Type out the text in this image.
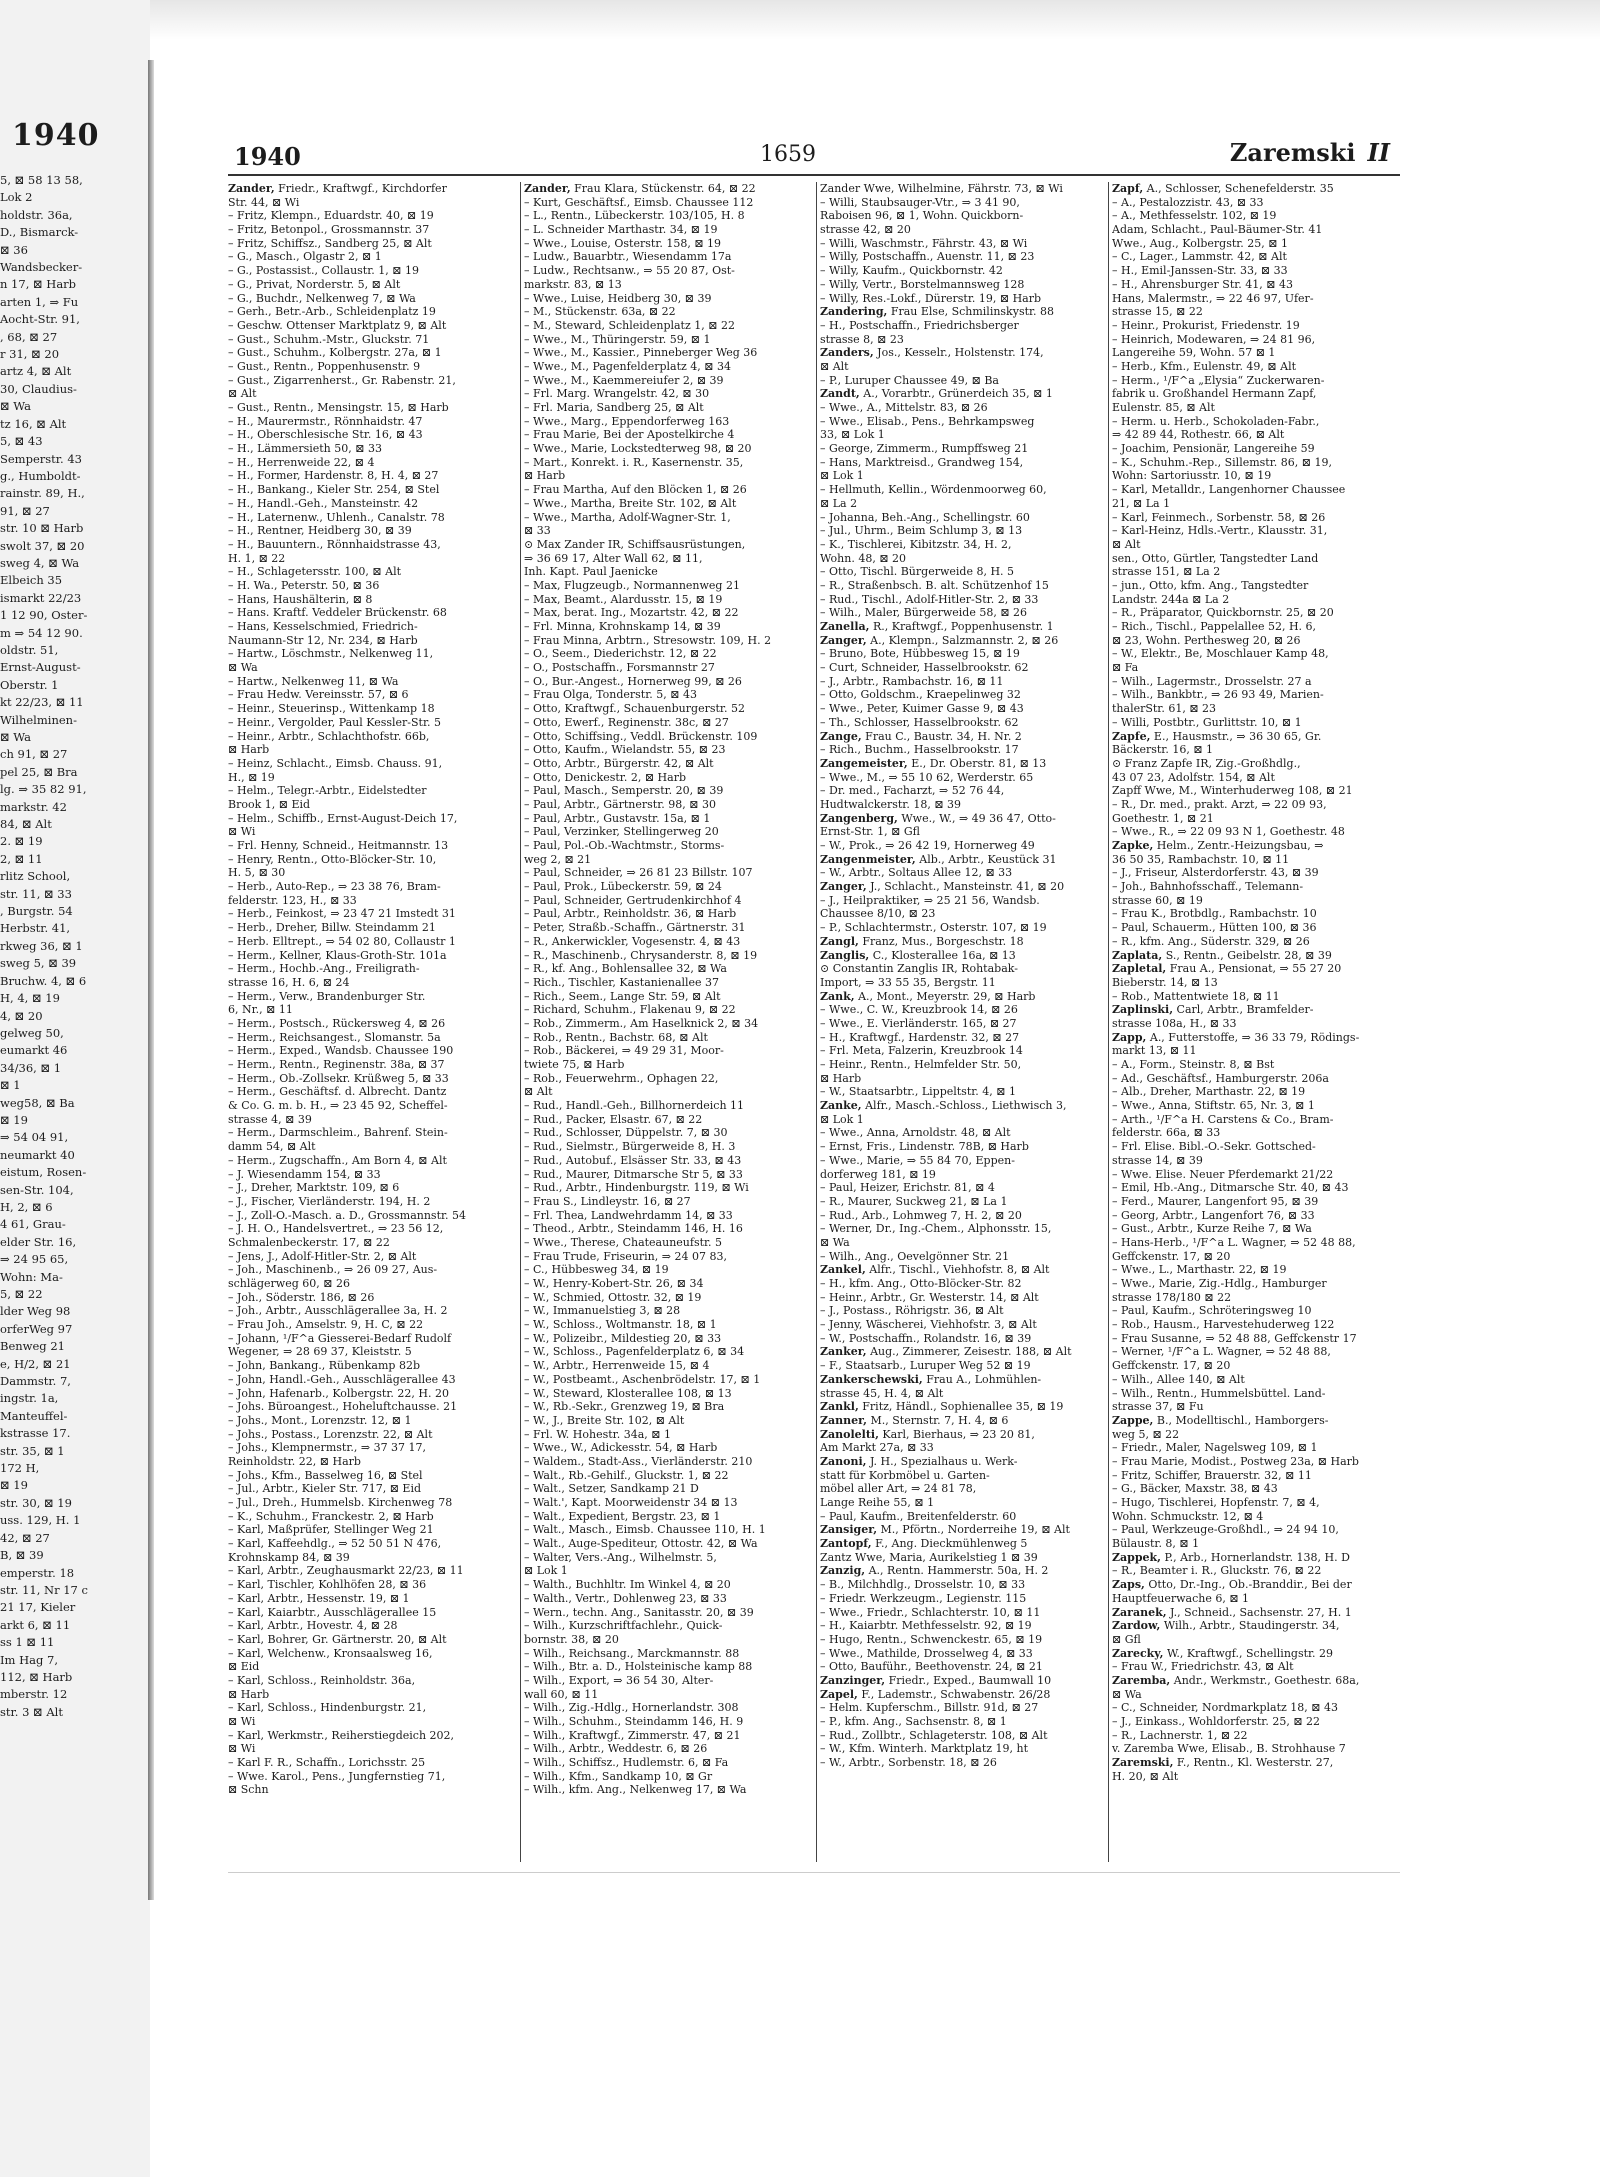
1940
5, ⊠ 58 13 58,
Lok 2
holdstr. 36a,
D., Bismarck-
⊠ 36
Wandsbecker-
n 17, ⊠ Harb
arten 1, ⇒ Fu
Aocht-Str. 91,
, 68, ⊠ 27
r 31, ⊠ 20
artz 4, ⊠ Alt
30, Claudius-
⊠ Wa
tz 16, ⊠ Alt
5, ⊠ 43
Semperstr. 43
g., Humboldt-
rainstr. 89, H.,
91, ⊠ 27
str. 10 ⊠ Harb
swolt 37, ⊠ 20
sweg 4, ⊠ Wa
Elbeich 35
ismarkt 22/23
1 12 90, Oster-
m ⇒ 54 12 90.
oldstr. 51,
Ernst-August-
Oberstr. 1
kt 22/23, ⊠ 11
Wilhelminen-
⊠ Wa
ch 91, ⊠ 27
pel 25, ⊠ Bra
lg. ⇒ 35 82 91,
markstr. 42
84, ⊠ Alt
2. ⊠ 19
2, ⊠ 11
rlitz School,
str. 11, ⊠ 33
, Burgstr. 54
Herbstr. 41,
rkweg 36, ⊠ 1
sweg 5, ⊠ 39
Bruchw. 4, ⊠ 6
H, 4, ⊠ 19
4, ⊠ 20
gelweg 50,
eumarkt 46
34/36, ⊠ 1
⊠ 1
weg58, ⊠ Ba
⊠ 19
⇒ 54 04 91,
neumarkt 40
eistum, Rosen-
sen-Str. 104,
H, 2, ⊠ 6
4 61, Grau-
elder Str. 16,
⇒ 24 95 65,
Wohn: Ma-
5, ⊠ 22
lder Weg 98
orferWeg 97
Benweg 21
e, H/2, ⊠ 21
Dammstr. 7,
ingstr. 1a,
Manteuffel-
kstrasse 17.
str. 35, ⊠ 1
172 H,
⊠ 19
str. 30, ⊠ 19
uss. 129, H. 1
42, ⊠ 27
B, ⊠ 39
emperstr. 18
str. 11, Nr 17 c
21 17, Kieler
arkt 6, ⊠ 11
ss 1 ⊠ 11
Im Hag 7,
112, ⊠ Harb
mberstr. 12
str. 3 ⊠ Alt
1940	1659	Zaremski II
Zander, Friedr., Kraftwgf., Kirchdorfer
Str. 44, ⊠ Wi
– Fritz, Klempn., Eduardstr. 40, ⊠ 19
– Fritz, Betonpol., Grossmannstr. 37
– Fritz, Schiffsz., Sandberg 25, ⊠ Alt
– G., Masch., Olgastr 2, ⊠ 1
– G., Postassist., Collaustr. 1, ⊠ 19
– G., Privat, Norderstr. 5, ⊠ Alt
– G., Buchdr., Nelkenweg 7, ⊠ Wa
– Gerh., Betr.-Arb., Schleidenplatz 19
– Geschw. Ottenser Marktplatz 9, ⊠ Alt
– Gust., Schuhm.-Mstr., Gluckstr. 71
– Gust., Schuhm., Kolbergstr. 27a, ⊠ 1
– Gust., Rentn., Poppenhusenstr. 9
– Gust., Zigarrenherst., Gr. Rabenstr. 21,
⊠ Alt
– Gust., Rentn., Mensingstr. 15, ⊠ Harb
– H., Maurermstr., Rönnhaidstr. 47
– H., Oberschlesische Str. 16, ⊠ 43
– H., Lämmersieth 50, ⊠ 33
– H., Herrenweide 22, ⊠ 4
– H., Former, Hardenstr. 8, H. 4, ⊠ 27
– H., Bankang., Kieler Str. 254, ⊠ Stel
– H., Handl.-Geh., Mansteinstr. 42
– H., Laternenw., Uhlenh., Canalstr. 78
– H., Rentner, Heidberg 30, ⊠ 39
– H., Bauuntern., Rönnhaidstrasse 43,
H. 1, ⊠ 22
– H., Schlagetersstr. 100, ⊠ Alt
– H. Wa., Peterstr. 50, ⊠ 36
– Hans, Haushälterin, ⊠ 8
– Hans. Kraftf. Veddeler Brückenstr. 68
– Hans, Kesselschmied, Friedrich-
Naumann-Str 12, Nr. 234, ⊠ Harb
– Hartw., Löschmstr., Nelkenweg 11,
⊠ Wa
– Hartw., Nelkenweg 11, ⊠ Wa
– Frau Hedw. Vereinsstr. 57, ⊠ 6
– Heinr., Steuerinsp., Wittenkamp 18
– Heinr., Vergolder, Paul Kessler-Str. 5
– Heinr., Arbtr., Schlachthofstr. 66b,
⊠ Harb
– Heinz, Schlacht., Eimsb. Chauss. 91,
H., ⊠ 19
– Helm., Telegr.-Arbtr., Eidelstedter
Brook 1, ⊠ Eid
– Helm., Schiffb., Ernst-August-Deich 17,
⊠ Wi
– Frl. Henny, Schneid., Heitmannstr. 13
– Henry, Rentn., Otto-Blöcker-Str. 10,
H. 5, ⊠ 30
– Herb., Auto-Rep., ⇒ 23 38 76, Bram-
felderstr. 123, H., ⊠ 33
– Herb., Feinkost, ⇒ 23 47 21 Imstedt 31
– Herb., Dreher, Billw. Steindamm 21
– Herb. Elltrept., ⇒ 54 02 80, Collaustr 1
– Herm., Kellner, Klaus-Groth-Str. 101a
– Herm., Hochb.-Ang., Freiligrath-
strasse 16, H. 6, ⊠ 24
– Herm., Verw., Brandenburger Str.
6, Nr., ⊠ 11
– Herm., Postsch., Rückersweg 4, ⊠ 26
– Herm., Reichsangest., Slomanstr. 5a
– Herm., Exped., Wandsb. Chaussee 190
– Herm., Rentn., Reginenstr. 38a, ⊠ 37
– Herm., Ob.-Zollsekr. Krüßweg 5, ⊠ 33
– Herm., Geschäftsf. d. Albrecht. Dantz
& Co. G. m. b. H., ⇒ 23 45 92, Scheffel-
strasse 4, ⊠ 39
– Herm., Darmschleim., Bahrenf. Stein-
damm 54, ⊠ Alt
– Herm., Zugschaffn., Am Born 4, ⊠ Alt
– J. Wiesendamm 154, ⊠ 33
– J., Dreher, Marktstr. 109, ⊠ 6
– J., Fischer, Vierländerstr. 194, H. 2
– J., Zoll-O.-Masch. a. D., Grossmannstr. 54
– J. H. O., Handelsvertret., ⇒ 23 56 12,
Schmalenbeckerstr. 17, ⊠ 22
– Jens, J., Adolf-Hitler-Str. 2, ⊠ Alt
– Joh., Maschinenb., ⇒ 26 09 27, Aus-
schlägerweg 60, ⊠ 26
– Joh., Söderstr. 186, ⊠ 26
– Joh., Arbtr., Ausschlägerallee 3a, H. 2
– Frau Joh., Amselstr. 9, H. C, ⊠ 22
– Johann, ¹/F^a Giesserei-Bedarf Rudolf
Wegener, ⇒ 28 69 37, Kleiststr. 5
– John, Bankang., Rübenkamp 82b
– John, Handl.-Geh., Ausschlägerallee 43
– John, Hafenarb., Kolbergstr. 22, H. 20
– Johs. Büroangest., Hoheluftchausse. 21
– Johs., Mont., Lorenzstr. 12, ⊠ 1
– Johs., Postass., Lorenzstr. 22, ⊠ Alt
– Johs., Klempnermstr., ⇒ 37 37 17,
Reinholdstr. 22, ⊠ Harb
– Johs., Kfm., Basselweg 16, ⊠ Stel
– Jul., Arbtr., Kieler Str. 717, ⊠ Eid
– Jul., Dreh., Hummelsb. Kirchenweg 78
– K., Schuhm., Franckestr. 2, ⊠ Harb
– Karl, Maßprüfer, Stellinger Weg 21
– Karl, Kaffeehdlg., ⇒ 52 50 51 N 476,
Krohnskamp 84, ⊠ 39
– Karl, Arbtr., Zeughausmarkt 22/23, ⊠ 11
– Karl, Tischler, Kohlhöfen 28, ⊠ 36
– Karl, Arbtr., Hessenstr. 19, ⊠ 1
– Karl, Kaiarbtr., Ausschlägerallee 15
– Karl, Arbtr., Hovestr. 4, ⊠ 28
– Karl, Bohrer, Gr. Gärtnerstr. 20, ⊠ Alt
– Karl, Welchenw., Kronsaalsweg 16,
⊠ Eid
– Karl, Schloss., Reinholdstr. 36a,
⊠ Harb
– Karl, Schloss., Hindenburgstr. 21,
⊠ Wi
– Karl, Werkmstr., Reiherstiegdeich 202,
⊠ Wi
– Karl F. R., Schaffn., Lorichsstr. 25
– Wwe. Karol., Pens., Jungfernstieg 71,
⊠ Schn
Zander, Frau Klara, Stückenstr. 64, ⊠ 22
– Kurt, Geschäftsf., Eimsb. Chaussee 112
– L., Rentn., Lübeckerstr. 103/105, H. 8
– L. Schneider Marthastr. 34, ⊠ 19
– Wwe., Louise, Osterstr. 158, ⊠ 19
– Ludw., Bauarbtr., Wiesendamm 17a
– Ludw., Rechtsanw., ⇒ 55 20 87, Ost-
markstr. 83, ⊠ 13
– Wwe., Luise, Heidberg 30, ⊠ 39
– M., Stückenstr. 63a, ⊠ 22
– M., Steward, Schleidenplatz 1, ⊠ 22
– Wwe., M., Thüringerstr. 59, ⊠ 1
– Wwe., M., Kassier., Pinneberger Weg 36
– Wwe., M., Pagenfelderplatz 4, ⊠ 34
– Wwe., M., Kaemmereiufer 2, ⊠ 39
– Frl. Marg. Wrangelstr. 42, ⊠ 30
– Frl. Maria, Sandberg 25, ⊠ Alt
– Wwe., Marg., Eppendorferweg 163
– Frau Marie, Bei der Apostelkirche 4
– Wwe., Marie, Lockstedterweg 98, ⊠ 20
– Mart., Konrekt. i. R., Kasernenstr. 35,
⊠ Harb
– Frau Martha, Auf den Blöcken 1, ⊠ 26
– Wwe., Martha, Breite Str. 102, ⊠ Alt
– Wwe., Martha, Adolf-Wagner-Str. 1,
⊠ 33
⊙ Max Zander IR, Schiffsausrüstungen,
⇒ 36 69 17, Alter Wall 62, ⊠ 11,
Inh. Kapt. Paul Jaenicke
– Max, Flugzeugb., Normannenweg 21
– Max, Beamt., Alardusstr. 15, ⊠ 19
– Max, berat. Ing., Mozartstr. 42, ⊠ 22
– Frl. Minna, Krohnskamp 14, ⊠ 39
– Frau Minna, Arbtrn., Stresowstr. 109, H. 2
– O., Seem., Diederichstr. 12, ⊠ 22
– O., Postschaffn., Forsmannstr 27
– O., Bur.-Angest., Hornerweg 99, ⊠ 26
– Frau Olga, Tonderstr. 5, ⊠ 43
– Otto, Kraftwgf., Schauenburgerstr. 52
– Otto, Ewerf., Reginenstr. 38c, ⊠ 27
– Otto, Schiffsing., Veddl. Brückenstr. 109
– Otto, Kaufm., Wielandstr. 55, ⊠ 23
– Otto, Arbtr., Bürgerstr. 42, ⊠ Alt
– Otto, Denickestr. 2, ⊠ Harb
– Paul, Masch., Semperstr. 20, ⊠ 39
– Paul, Arbtr., Gärtnerstr. 98, ⊠ 30
– Paul, Arbtr., Gustavstr. 15a, ⊠ 1
– Paul, Verzinker, Stellingerweg 20
– Paul, Pol.-Ob.-Wachtmstr., Storms-
weg 2, ⊠ 21
– Paul, Schneider, ⇒ 26 81 23 Billstr. 107
– Paul, Prok., Lübeckerstr. 59, ⊠ 24
– Paul, Schneider, Gertrudenkirchhof 4
– Paul, Arbtr., Reinholdstr. 36, ⊠ Harb
– Peter, Straßb.-Schaffn., Gärtnerstr. 31
– R., Ankerwickler, Vogesenstr. 4, ⊠ 43
– R., Maschinenb., Chrysanderstr. 8, ⊠ 19
– R., kf. Ang., Bohlensallee 32, ⊠ Wa
– Rich., Tischler, Kastanienallee 37
– Rich., Seem., Lange Str. 59, ⊠ Alt
– Richard, Schuhm., Flakenau 9, ⊠ 22
– Rob., Zimmerm., Am Haselknick 2, ⊠ 34
– Rob., Rentn., Bachstr. 68, ⊠ Alt
– Rob., Bäckerei, ⇒ 49 29 31, Moor-
twiete 75, ⊠ Harb
– Rob., Feuerwehrm., Ophagen 22,
⊠ Alt
– Rud., Handl.-Geh., Billhornerdeich 11
– Rud., Packer, Elsastr. 67, ⊠ 22
– Rud., Schlosser, Düppelstr. 7, ⊠ 30
– Rud., Sielmstr., Bürgerweide 8, H. 3
– Rud., Autobuf., Elsässer Str. 33, ⊠ 43
– Rud., Maurer, Ditmarsche Str 5, ⊠ 33
– Rud., Arbtr., Hindenburgstr. 119, ⊠ Wi
– Frau S., Lindleystr. 16, ⊠ 27
– Frl. Thea, Landwehrdamm 14, ⊠ 33
– Theod., Arbtr., Steindamm 146, H. 16
– Wwe., Therese, Chateauneufstr. 5
– Frau Trude, Friseurin, ⇒ 24 07 83,
– C., Hübbesweg 34, ⊠ 19
– W., Henry-Kobert-Str. 26, ⊠ 34
– W., Schmied, Ottostr. 32, ⊠ 19
– W., Immanuelstieg 3, ⊠ 28
– W., Schloss., Woltmanstr. 18, ⊠ 1
– W., Polizeibr., Mildestieg 20, ⊠ 33
– W., Schloss., Pagenfelderplatz 6, ⊠ 34
– W., Arbtr., Herrenweide 15, ⊠ 4
– W., Postbeamt., Aschenbrödelstr. 17, ⊠ 1
– W., Steward, Klosterallee 108, ⊠ 13
– W., Rb.-Sekr., Grenzweg 19, ⊠ Bra
– W., J., Breite Str. 102, ⊠ Alt
– Frl. W. Hohestr. 34a, ⊠ 1
– Wwe., W., Adickesstr. 54, ⊠ Harb
– Waldem., Stadt-Ass., Vierländerstr. 210
– Walt., Rb.-Gehilf., Gluckstr. 1, ⊠ 22
– Walt., Setzer, Sandkamp 21 D
– Walt.', Kapt. Moorweidenstr 34 ⊠ 13
– Walt., Expedient, Bergstr. 23, ⊠ 1
– Walt., Masch., Eimsb. Chaussee 110, H. 1
– Walt., Auge-Spediteur, Ottostr. 42, ⊠ Wa
– Walter, Vers.-Ang., Wilhelmstr. 5,
⊠ Lok 1
– Walth., Buchhltr. Im Winkel 4, ⊠ 20
– Walth., Vertr., Dohlenweg 23, ⊠ 33
– Wern., techn. Ang., Sanitasstr. 20, ⊠ 39
– Wilh., Kurzschriftfachlehr., Quick-
bornstr. 38, ⊠ 20
– Wilh., Reichsang., Marckmannstr. 88
– Wilh., Btr. a. D., Holsteinische kamp 88
– Wilh., Export, ⇒ 36 54 30, Alter-
wall 60, ⊠ 11
– Wilh., Zig.-Hdlg., Hornerlandstr. 308
– Wilh., Schuhm., Steindamm 146, H. 9
– Wilh., Kraftwgf., Zimmerstr. 47, ⊠ 21
– Wilh., Arbtr., Weddestr. 6, ⊠ 26
– Wilh., Schiffsz., Hudlemstr. 6, ⊠ Fa
– Wilh., Kfm., Sandkamp 10, ⊠ Gr
– Wilh., kfm. Ang., Nelkenweg 17, ⊠ Wa
Zander Wwe, Wilhelmine, Fährstr. 73, ⊠ Wi
– Willi, Staubsauger-Vtr., ⇒ 3 41 90,
Raboisen 96, ⊠ 1, Wohn. Quickborn-
strasse 42, ⊠ 20
– Willi, Waschmstr., Fährstr. 43, ⊠ Wi
– Willy, Postschaffn., Auenstr. 11, ⊠ 23
– Willy, Kaufm., Quickbornstr. 42
– Willy, Vertr., Borstelmannsweg 128
– Willy, Res.-Lokf., Dürerstr. 19, ⊠ Harb
Zandering, Frau Else, Schmilinskystr. 88
– H., Postschaffn., Friedrichsberger
strasse 8, ⊠ 23
Zanders, Jos., Kesselr., Holstenstr. 174,
⊠ Alt
– P., Luruper Chaussee 49, ⊠ Ba
Zandt, A., Vorarbtr., Grünerdeich 35, ⊠ 1
– Wwe., A., Mittelstr. 83, ⊠ 26
– Wwe., Elisab., Pens., Behrkampsweg
33, ⊠ Lok 1
– George, Zimmerm., Rumpffsweg 21
– Hans, Marktreisd., Grandweg 154,
⊠ Lok 1
– Hellmuth, Kellin., Wördenmoorweg 60,
⊠ La 2
– Johanna, Beh.-Ang., Schellingstr. 60
– Jul., Uhrm., Beim Schlump 3, ⊠ 13
– K., Tischlerei, Kibitzstr. 34, H. 2,
Wohn. 48, ⊠ 20
– Otto, Tischl. Bürgerweide 8, H. 5
– R., Straßenbsch. B. alt. Schützenhof 15
– Rud., Tischl., Adolf-Hitler-Str. 2, ⊠ 33
– Wilh., Maler, Bürgerweide 58, ⊠ 26
Zanella, R., Kraftwgf., Poppenhusenstr. 1
Zanger, A., Klempn., Salzmannstr. 2, ⊠ 26
– Bruno, Bote, Hübbesweg 15, ⊠ 19
– Curt, Schneider, Hasselbrookstr. 62
– J., Arbtr., Rambachstr. 16, ⊠ 11
– Otto, Goldschm., Kraepelinweg 32
– Wwe., Peter, Kuimer Gasse 9, ⊠ 43
– Th., Schlosser, Hasselbrookstr. 62
Zange, Frau C., Baustr. 34, H. Nr. 2
– Rich., Buchm., Hasselbrookstr. 17
Zangemeister, E., Dr. Oberstr. 81, ⊠ 13
– Wwe., M., ⇒ 55 10 62, Werderstr. 65
– Dr. med., Facharzt, ⇒ 52 76 44,
Hudtwalckerstr. 18, ⊠ 39
Zangenberg, Wwe., W., ⇒ 49 36 47, Otto-
Ernst-Str. 1, ⊠ Gfl
– W., Prok., ⇒ 26 42 19, Hornerweg 49
Zangenmeister, Alb., Arbtr., Keustück 31
– W., Arbtr., Soltaus Allee 12, ⊠ 33
Zanger, J., Schlacht., Mansteinstr. 41, ⊠ 20
– J., Heilpraktiker, ⇒ 25 21 56, Wandsb.
Chaussee 8/10, ⊠ 23
– P., Schlachtermstr., Osterstr. 107, ⊠ 19
Zangl, Franz, Mus., Borgeschstr. 18
Zanglis, C., Klosterallee 16a, ⊠ 13
⊙ Constantin Zanglis IR, Rohtabak-
Import, ⇒ 33 55 35, Bergstr. 11
Zank, A., Mont., Meyerstr. 29, ⊠ Harb
– Wwe., C. W., Kreuzbrook 14, ⊠ 26
– Wwe., E. Vierländerstr. 165, ⊠ 27
– H., Kraftwgf., Hardenstr. 32, ⊠ 27
– Frl. Meta, Falzerin, Kreuzbrook 14
– Heinr., Rentn., Helmfelder Str. 50,
⊠ Harb
– W., Staatsarbtr., Lippeltstr. 4, ⊠ 1
Zanke, Alfr., Masch.-Schloss., Liethwisch 3,
⊠ Lok 1
– Wwe., Anna, Arnoldstr. 48, ⊠ Alt
– Ernst, Fris., Lindenstr. 78B, ⊠ Harb
– Wwe., Marie, ⇒ 55 84 70, Eppen-
dorferweg 181, ⊠ 19
– Paul, Heizer, Erichstr. 81, ⊠ 4
– R., Maurer, Suckweg 21, ⊠ La 1
– Rud., Arb., Lohmweg 7, H. 2, ⊠ 20
– Werner, Dr., Ing.-Chem., Alphonsstr. 15,
⊠ Wa
– Wilh., Ang., Oevelgönner Str. 21
Zankel, Alfr., Tischl., Viehhofstr. 8, ⊠ Alt
– H., kfm. Ang., Otto-Blöcker-Str. 82
– Heinr., Arbtr., Gr. Westerstr. 14, ⊠ Alt
– J., Postass., Röhrigstr. 36, ⊠ Alt
– Jenny, Wäscherei, Viehhofstr. 3, ⊠ Alt
– W., Postschaffn., Rolandstr. 16, ⊠ 39
Zanker, Aug., Zimmerer, Zeisestr. 188, ⊠ Alt
– F., Staatsarb., Luruper Weg 52 ⊠ 19
Zankerschewski, Frau A., Lohmühlen-
strasse 45, H. 4, ⊠ Alt
Zankl, Fritz, Händl., Sophienallee 35, ⊠ 19
Zanner, M., Sternstr. 7, H. 4, ⊠ 6
Zanolelti, Karl, Bierhaus, ⇒ 23 20 81,
Am Markt 27a, ⊠ 33
Zanoni, J. H., Spezialhaus u. Werk-
statt für Korbmöbel u. Garten-
möbel aller Art, ⇒ 24 81 78,
Lange Reihe 55, ⊠ 1
– Paul, Kaufm., Breitenfelderstr. 60
Zansiger, M., Pförtn., Norderreihe 19, ⊠ Alt
Zantopf, F., Ang. Dieckmühlenweg 5
Zantz Wwe, Maria, Aurikelstieg 1 ⊠ 39
Zanzig, A., Rentn. Hammerstr. 50a, H. 2
– B., Milchhdlg., Drosselstr. 10, ⊠ 33
– Friedr. Werkzeugm., Legienstr. 115
– Wwe., Friedr., Schlachterstr. 10, ⊠ 11
– H., Kaiarbtr. Methfesselstr. 92, ⊠ 19
– Hugo, Rentn., Schwenckestr. 65, ⊠ 19
– Wwe., Mathilde, Drosselweg 4, ⊠ 33
– Otto, Bauführ., Beethovenstr. 24, ⊠ 21
Zanzinger, Friedr., Exped., Baumwall 10
Zapel, F., Lademstr., Schwabenstr. 26/28
– Helm. Kupferschm., Billstr. 91d, ⊠ 27
– P., kfm. Ang., Sachsenstr. 8, ⊠ 1
– Rud., Zollbtr., Schlageterstr. 108, ⊠ Alt
– W., Kfm. Winterh. Marktplatz 19, ht
– W., Arbtr., Sorbenstr. 18, ⊠ 26
Zapf, A., Schlosser, Schenefelderstr. 35
– A., Pestalozzistr. 43, ⊠ 33
– A., Methfesselstr. 102, ⊠ 19
Adam, Schlacht., Paul-Bäumer-Str. 41
Wwe., Aug., Kolbergstr. 25, ⊠ 1
– C., Lager., Lammstr. 42, ⊠ Alt
– H., Emil-Janssen-Str. 33, ⊠ 33
– H., Ahrensburger Str. 41, ⊠ 43
Hans, Malermstr., ⇒ 22 46 97, Ufer-
strasse 15, ⊠ 22
– Heinr., Prokurist, Friedenstr. 19
– Heinrich, Modewaren, ⇒ 24 81 96,
Langereihe 59, Wohn. 57 ⊠ 1
– Herb., Kfm., Eulenstr. 49, ⊠ Alt
– Herm., ¹/F^a „Elysia“ Zuckerwaren-
fabrik u. Großhandel Hermann Zapf,
Eulenstr. 85, ⊠ Alt
– Herm. u. Herb., Schokoladen-Fabr.,
⇒ 42 89 44, Rothestr. 66, ⊠ Alt
– Joachim, Pensionär, Langereihe 59
– K., Schuhm.-Rep., Sillemstr. 86, ⊠ 19,
Wohn: Sartoriusstr. 10, ⊠ 19
– Karl, Metalldr., Langenhorner Chaussee
21, ⊠ La 1
– Karl, Feinmech., Sorbenstr. 58, ⊠ 26
– Karl-Heinz, Hdls.-Vertr., Klausstr. 31,
⊠ Alt
sen., Otto, Gürtler, Tangstedter Land
strasse 151, ⊠ La 2
– jun., Otto, kfm. Ang., Tangstedter
Landstr. 244a ⊠ La 2
– R., Präparator, Quickbornstr. 25, ⊠ 20
– Rich., Tischl., Pappelallee 52, H. 6,
⊠ 23, Wohn. Perthesweg 20, ⊠ 26
– W., Elektr., Be, Moschlauer Kamp 48,
⊠ Fa
– Wilh., Lagermstr., Drosselstr. 27 a
– Wilh., Bankbtr., ⇒ 26 93 49, Marien-
thalerStr. 61, ⊠ 23
– Willi, Postbtr., Gurlittstr. 10, ⊠ 1
Zapfe, E., Hausmstr., ⇒ 36 30 65, Gr.
Bäckerstr. 16, ⊠ 1
⊙ Franz Zapfe IR, Zig.-Großhdlg.,
43 07 23, Adolfstr. 154, ⊠ Alt
Zapff Wwe, M., Winterhuderweg 108, ⊠ 21
– R., Dr. med., prakt. Arzt, ⇒ 22 09 93,
Goethestr. 1, ⊠ 21
– Wwe., R., ⇒ 22 09 93 N 1, Goethestr. 48
Zapke, Helm., Zentr.-Heizungsbau, ⇒
36 50 35, Rambachstr. 10, ⊠ 11
– J., Friseur, Alsterdorferstr. 43, ⊠ 39
– Joh., Bahnhofsschaff., Telemann-
strasse 60, ⊠ 19
– Frau K., Brotbdlg., Rambachstr. 10
– Paul, Schauerm., Hütten 100, ⊠ 36
– R., kfm. Ang., Süderstr. 329, ⊠ 26
Zaplata, S., Rentn., Geibelstr. 28, ⊠ 39
Zapletal, Frau A., Pensionat, ⇒ 55 27 20
Bieberstr. 14, ⊠ 13
– Rob., Mattentwiete 18, ⊠ 11
Zaplinski, Carl, Arbtr., Bramfelder-
strasse 108a, H., ⊠ 33
Zapp, A., Futterstoffe, ⇒ 36 33 79, Rödings-
markt 13, ⊠ 11
– A., Form., Steinstr. 8, ⊠ Bst
– Ad., Geschäftsf., Hamburgerstr. 206a
– Alb., Dreher, Marthastr. 22, ⊠ 19
– Wwe., Anna, Stiftstr. 65, Nr. 3, ⊠ 1
– Arth., ¹/F^a H. Carstens & Co., Bram-
felderstr. 66a, ⊠ 33
– Frl. Elise. Bibl.-O.-Sekr. Gottsched-
strasse 14, ⊠ 39
– Wwe. Elise. Neuer Pferdemarkt 21/22
– Emil, Hb.-Ang., Ditmarsche Str. 40, ⊠ 43
– Ferd., Maurer, Langenfort 95, ⊠ 39
– Georg, Arbtr., Langenfort 76, ⊠ 33
– Gust., Arbtr., Kurze Reihe 7, ⊠ Wa
– Hans-Herb., ¹/F^a L. Wagner, ⇒ 52 48 88,
Geffckenstr. 17, ⊠ 20
– Wwe., L., Marthastr. 22, ⊠ 19
– Wwe., Marie, Zig.-Hdlg., Hamburger
strasse 178/180 ⊠ 22
– Paul, Kaufm., Schröteringsweg 10
– Rob., Hausm., Harvestehuderweg 122
– Frau Susanne, ⇒ 52 48 88, Geffckenstr 17
– Werner, ¹/F^a L. Wagner, ⇒ 52 48 88,
Geffckenstr. 17, ⊠ 20
– Wilh., Allee 140, ⊠ Alt
– Wilh., Rentn., Hummelsbüttel. Land-
strasse 37, ⊠ Fu
Zappe, B., Modelltischl., Hamborgers-
weg 5, ⊠ 22
– Friedr., Maler, Nagelsweg 109, ⊠ 1
– Frau Marie, Modist., Postweg 23a, ⊠ Harb
– Fritz, Schiffer, Brauerstr. 32, ⊠ 11
– G., Bäcker, Maxstr. 38, ⊠ 43
– Hugo, Tischlerei, Hopfenstr. 7, ⊠ 4,
Wohn. Schmuckstr. 12, ⊠ 4
– Paul, Werkzeuge-Großhdl., ⇒ 24 94 10,
Bülaustr. 8, ⊠ 1
Zappek, P., Arb., Hornerlandstr. 138, H. D
– R., Beamter i. R., Gluckstr. 76, ⊠ 22
Zaps, Otto, Dr.-Ing., Ob.-Branddir., Bei der
Hauptfeuerwache 6, ⊠ 1
Zaranek, J., Schneid., Sachsenstr. 27, H. 1
Zardow, Wilh., Arbtr., Staudingerstr. 34,
⊠ Gfl
Zarecky, W., Kraftwgf., Schellingstr. 29
– Frau W., Friedrichstr. 43, ⊠ Alt
Zaremba, Andr., Werkmstr., Goethestr. 68a,
⊠ Wa
– C., Schneider, Nordmarkplatz 18, ⊠ 43
– J., Einkass., Wohldorferstr. 25, ⊠ 22
– R., Lachnerstr. 1, ⊠ 22
v. Zaremba Wwe, Elisab., B. Strohhause 7
Zaremski, F., Rentn., Kl. Westerstr. 27,
H. 20, ⊠ Alt
